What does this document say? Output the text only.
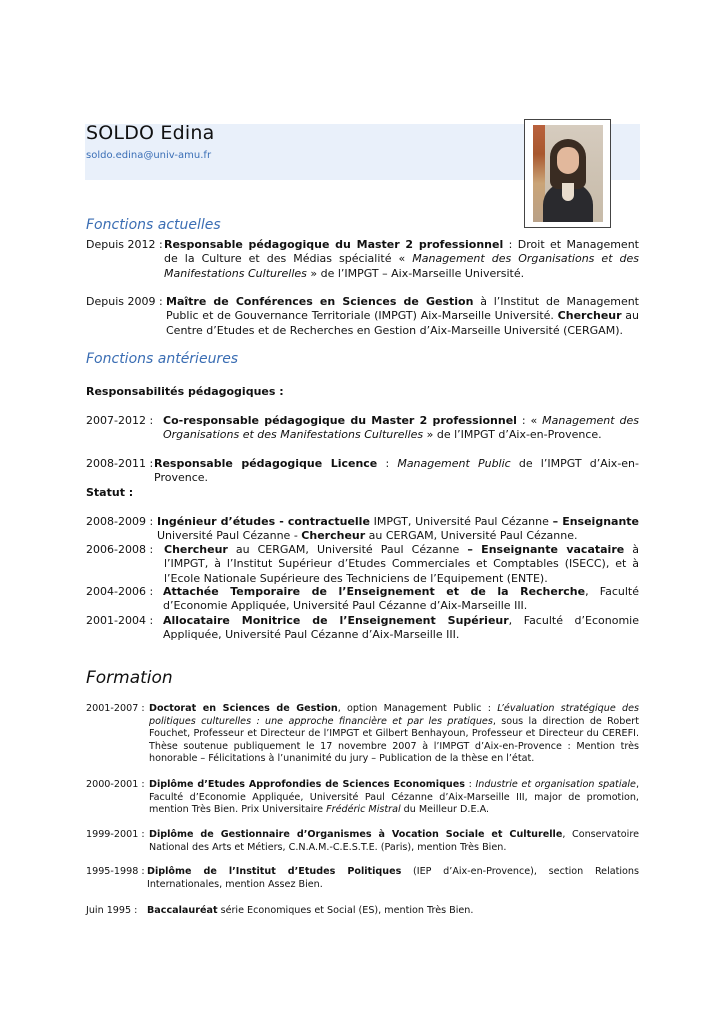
SOLDO Edina
soldo.edina@univ-amu.fr
Fonctions actuelles
Depuis 2012 : Responsable pédagogique du Master 2 professionnel : Droit et Management de la Culture et des Médias spécialité « Management des Organisations et des Manifestations Culturelles » de l’IMPGT – Aix-Marseille Université.
Depuis 2009 : Maître de Conférences en Sciences de Gestion à l’Institut de Management Public et de Gouvernance Territoriale (IMPGT) Aix-Marseille Université. Chercheur au Centre d’Etudes et de Recherches en Gestion d’Aix-Marseille Université (CERGAM).
Fonctions antérieures
Responsabilités pédagogiques :
2007-2012 : Co-responsable pédagogique du Master 2 professionnel : « Management des Organisations et des Manifestations Culturelles » de l’IMPGT d’Aix-en-Provence.
2008-2011 : Responsable pédagogique Licence : Management Public de l’IMPGT d’Aix-en-Provence.
Statut :
2008-2009 : Ingénieur d’études - contractuelle IMPGT, Université Paul Cézanne – Enseignante Université Paul Cézanne - Chercheur au CERGAM, Université Paul Cézanne.
2006-2008 : Chercheur au CERGAM, Université Paul Cézanne – Enseignante vacataire à l’IMPGT, à l’Institut Supérieur d’Etudes Commerciales et Comptables (ISECC), et à l’Ecole Nationale Supérieure des Techniciens de l’Equipement (ENTE).
2004-2006 : Attachée Temporaire de l’Enseignement et de la Recherche, Faculté d’Economie Appliquée, Université Paul Cézanne d’Aix-Marseille III.
2001-2004 : Allocataire Monitrice de l’Enseignement Supérieur, Faculté d’Economie Appliquée, Université Paul Cézanne d’Aix-Marseille III.
Formation
2001-2007 : Doctorat en Sciences de Gestion, option Management Public : L’évaluation stratégique des politiques culturelles : une approche financière et par les pratiques, sous la direction de Robert Fouchet, Professeur et Directeur de l’IMPGT et Gilbert Benhayoun, Professeur et Directeur du CEREFI. Thèse soutenue publiquement le 17 novembre 2007 à l’IMPGT d’Aix-en-Provence : Mention très honorable – Félicitations à l’unanimité du jury – Publication de la thèse en l’état.
2000-2001 : Diplôme d’Etudes Approfondies de Sciences Economiques : Industrie et organisation spatiale, Faculté d’Economie Appliquée, Université Paul Cézanne d’Aix-Marseille III, major de promotion, mention Très Bien. Prix Universitaire Frédéric Mistral du Meilleur D.E.A.
1999-2001 : Diplôme de Gestionnaire d’Organismes à Vocation Sociale et Culturelle, Conservatoire National des Arts et Métiers, C.N.A.M.-C.E.S.T.E. (Paris), mention Très Bien.
1995-1998 : Diplôme de l’Institut d’Etudes Politiques (IEP d’Aix-en-Provence), section Relations Internationales, mention Assez Bien.
Juin 1995 : Baccalauréat série Economiques et Social (ES), mention Très Bien.
